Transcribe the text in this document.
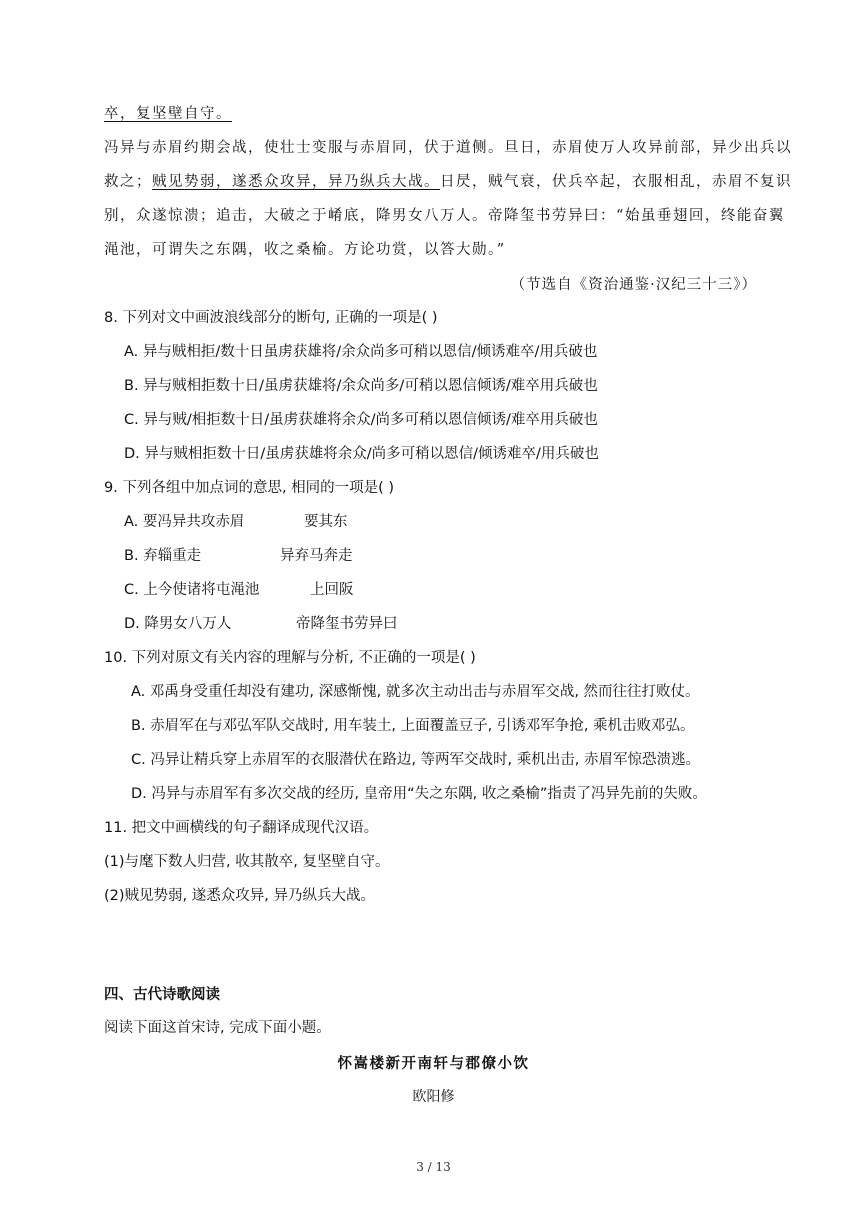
卒，复坚壁自守。
冯异与赤眉约期会战，使壮士变服与赤眉同，伏于道侧。旦日，赤眉使万人攻异前部，异少出兵以
救之；贼见势弱，遂悉众攻异，异乃纵兵大战。日昃，贼气衰，伏兵卒起，衣服相乱，赤眉不复识
别，众遂惊溃；追击，大破之于崤底，降男女八万人。帝降玺书劳异曰：“始虽垂翅回，终能奋翼
渑池，可谓失之东隅，收之桑榆。方论功赏，以答大勋。”
（节选自《资治通鉴·汉纪三十三》）
8. 下列对文中画波浪线部分的断句, 正确的一项是( )
A. 异与贼相拒/数十日虽虏获雄将/余众尚多可稍以恩信/倾诱难卒/用兵破也
B. 异与贼相拒数十日/虽虏获雄将/余众尚多/可稍以恩信倾诱/难卒用兵破也
C. 异与贼/相拒数十日/虽虏获雄将余众/尚多可稍以恩信倾诱/难卒用兵破也
D. 异与贼相拒数十日/虽虏获雄将余众/尚多可稍以恩信/倾诱难卒/用兵破也
9. 下列各组中加点词的意思, 相同的一项是( )
A. 要冯异共攻赤眉	要其东
B. 弃辎重走	异弃马奔走
C. 上今使诸将屯渑池	上回阪
D. 降男女八万人	帝降玺书劳异曰
10. 下列对原文有关内容的理解与分析, 不正确的一项是( )
A. 邓禹身受重任却没有建功, 深感惭愧, 就多次主动出击与赤眉军交战, 然而往往打败仗。
B. 赤眉军在与邓弘军队交战时, 用车装土, 上面覆盖豆子, 引诱邓军争抢, 乘机击败邓弘。
C. 冯异让精兵穿上赤眉军的衣服潜伏在路边, 等两军交战时, 乘机出击, 赤眉军惊恐溃逃。
D. 冯异与赤眉军有多次交战的经历, 皇帝用“失之东隅, 收之桑榆”指责了冯异先前的失败。
11. 把文中画横线的句子翻译成现代汉语。
(1)与麾下数人归营, 收其散卒, 复坚壁自守。
(2)贼见势弱, 遂悉众攻异, 异乃纵兵大战。
四、古代诗歌阅读
阅读下面这首宋诗, 完成下面小题。
怀嵩楼新开南轩与郡僚小饮
欧阳修
3 / 13
